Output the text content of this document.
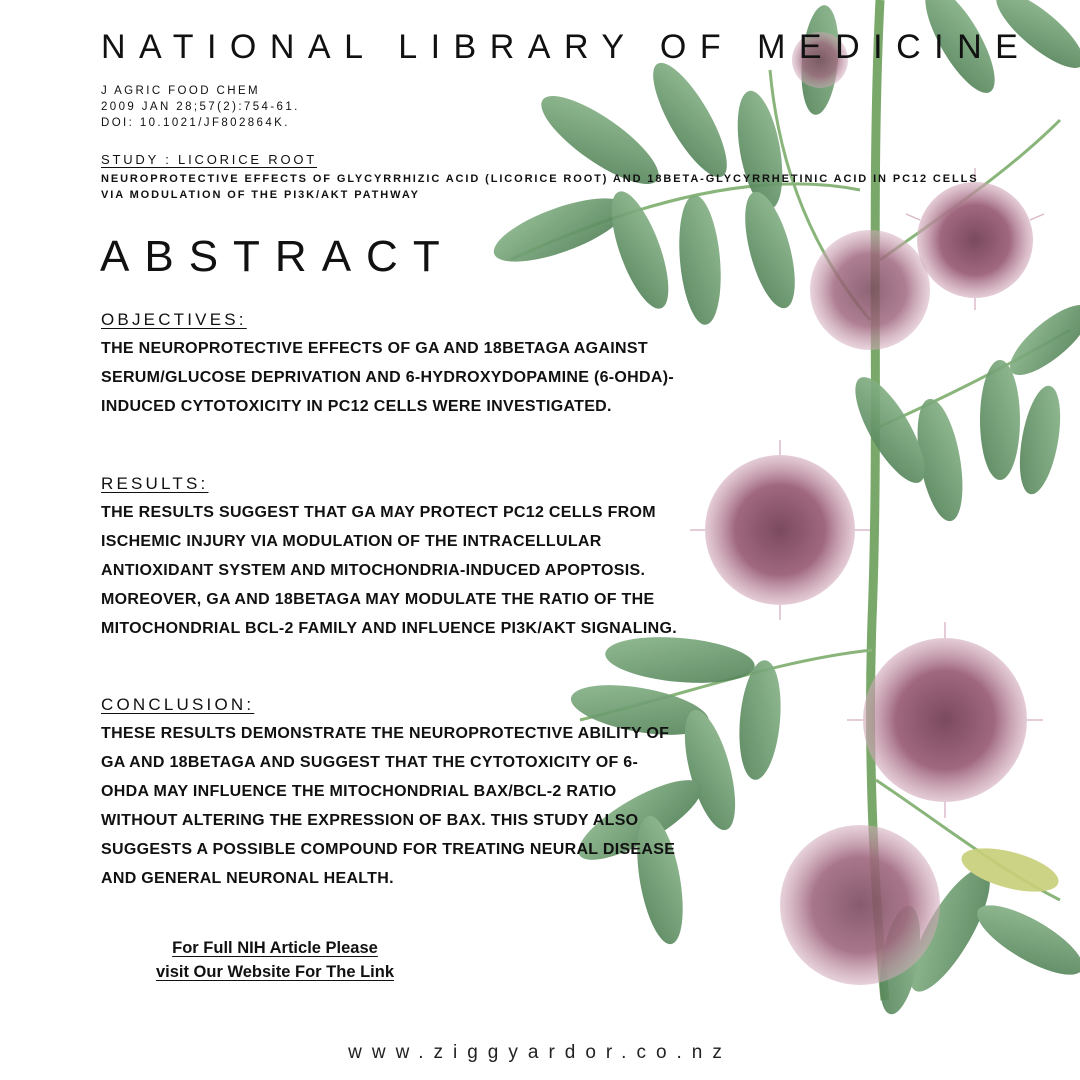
NATIONAL LIBRARY OF MEDICINE
J AGRIC FOOD CHEM
2009 JAN 28;57(2):754-61.
DOI: 10.1021/JF802864K.
STUDY : LICORICE ROOT
NEUROPROTECTIVE EFFECTS OF GLYCYRRHIZIC ACID (LICORICE ROOT) AND 18BETA-GLYCYRRHETINIC ACID IN PC12 CELLS VIA MODULATION OF THE PI3K/AKT PATHWAY
ABSTRACT
OBJECTIVES:
THE NEUROPROTECTIVE EFFECTS OF GA AND 18BETAGA AGAINST SERUM/GLUCOSE DEPRIVATION AND 6-HYDROXYDOPAMINE (6-OHDA)-INDUCED CYTOTOXICITY IN PC12 CELLS WERE INVESTIGATED.
RESULTS:
THE RESULTS SUGGEST THAT GA MAY PROTECT PC12 CELLS FROM ISCHEMIC INJURY VIA MODULATION OF THE INTRACELLULAR ANTIOXIDANT SYSTEM AND MITOCHONDRIA-INDUCED APOPTOSIS. MOREOVER, GA AND 18BETAGA MAY MODULATE THE RATIO OF THE MITOCHONDRIAL BCL-2 FAMILY AND INFLUENCE PI3K/AKT SIGNALING.
CONCLUSION:
THESE RESULTS DEMONSTRATE THE NEUROPROTECTIVE ABILITY OF GA AND 18BETAGA AND SUGGEST THAT THE CYTOTOXICITY OF 6-OHDA MAY INFLUENCE THE MITOCHONDRIAL BAX/BCL-2 RATIO WITHOUT ALTERING THE EXPRESSION OF BAX. THIS STUDY ALSO SUGGESTS A POSSIBLE COMPOUND FOR TREATING NEURAL DISEASE AND GENERAL NEURONAL HEALTH.
For Full NIH Article Please
visit Our Website For The Link
www.ziggyardor.co.nz
